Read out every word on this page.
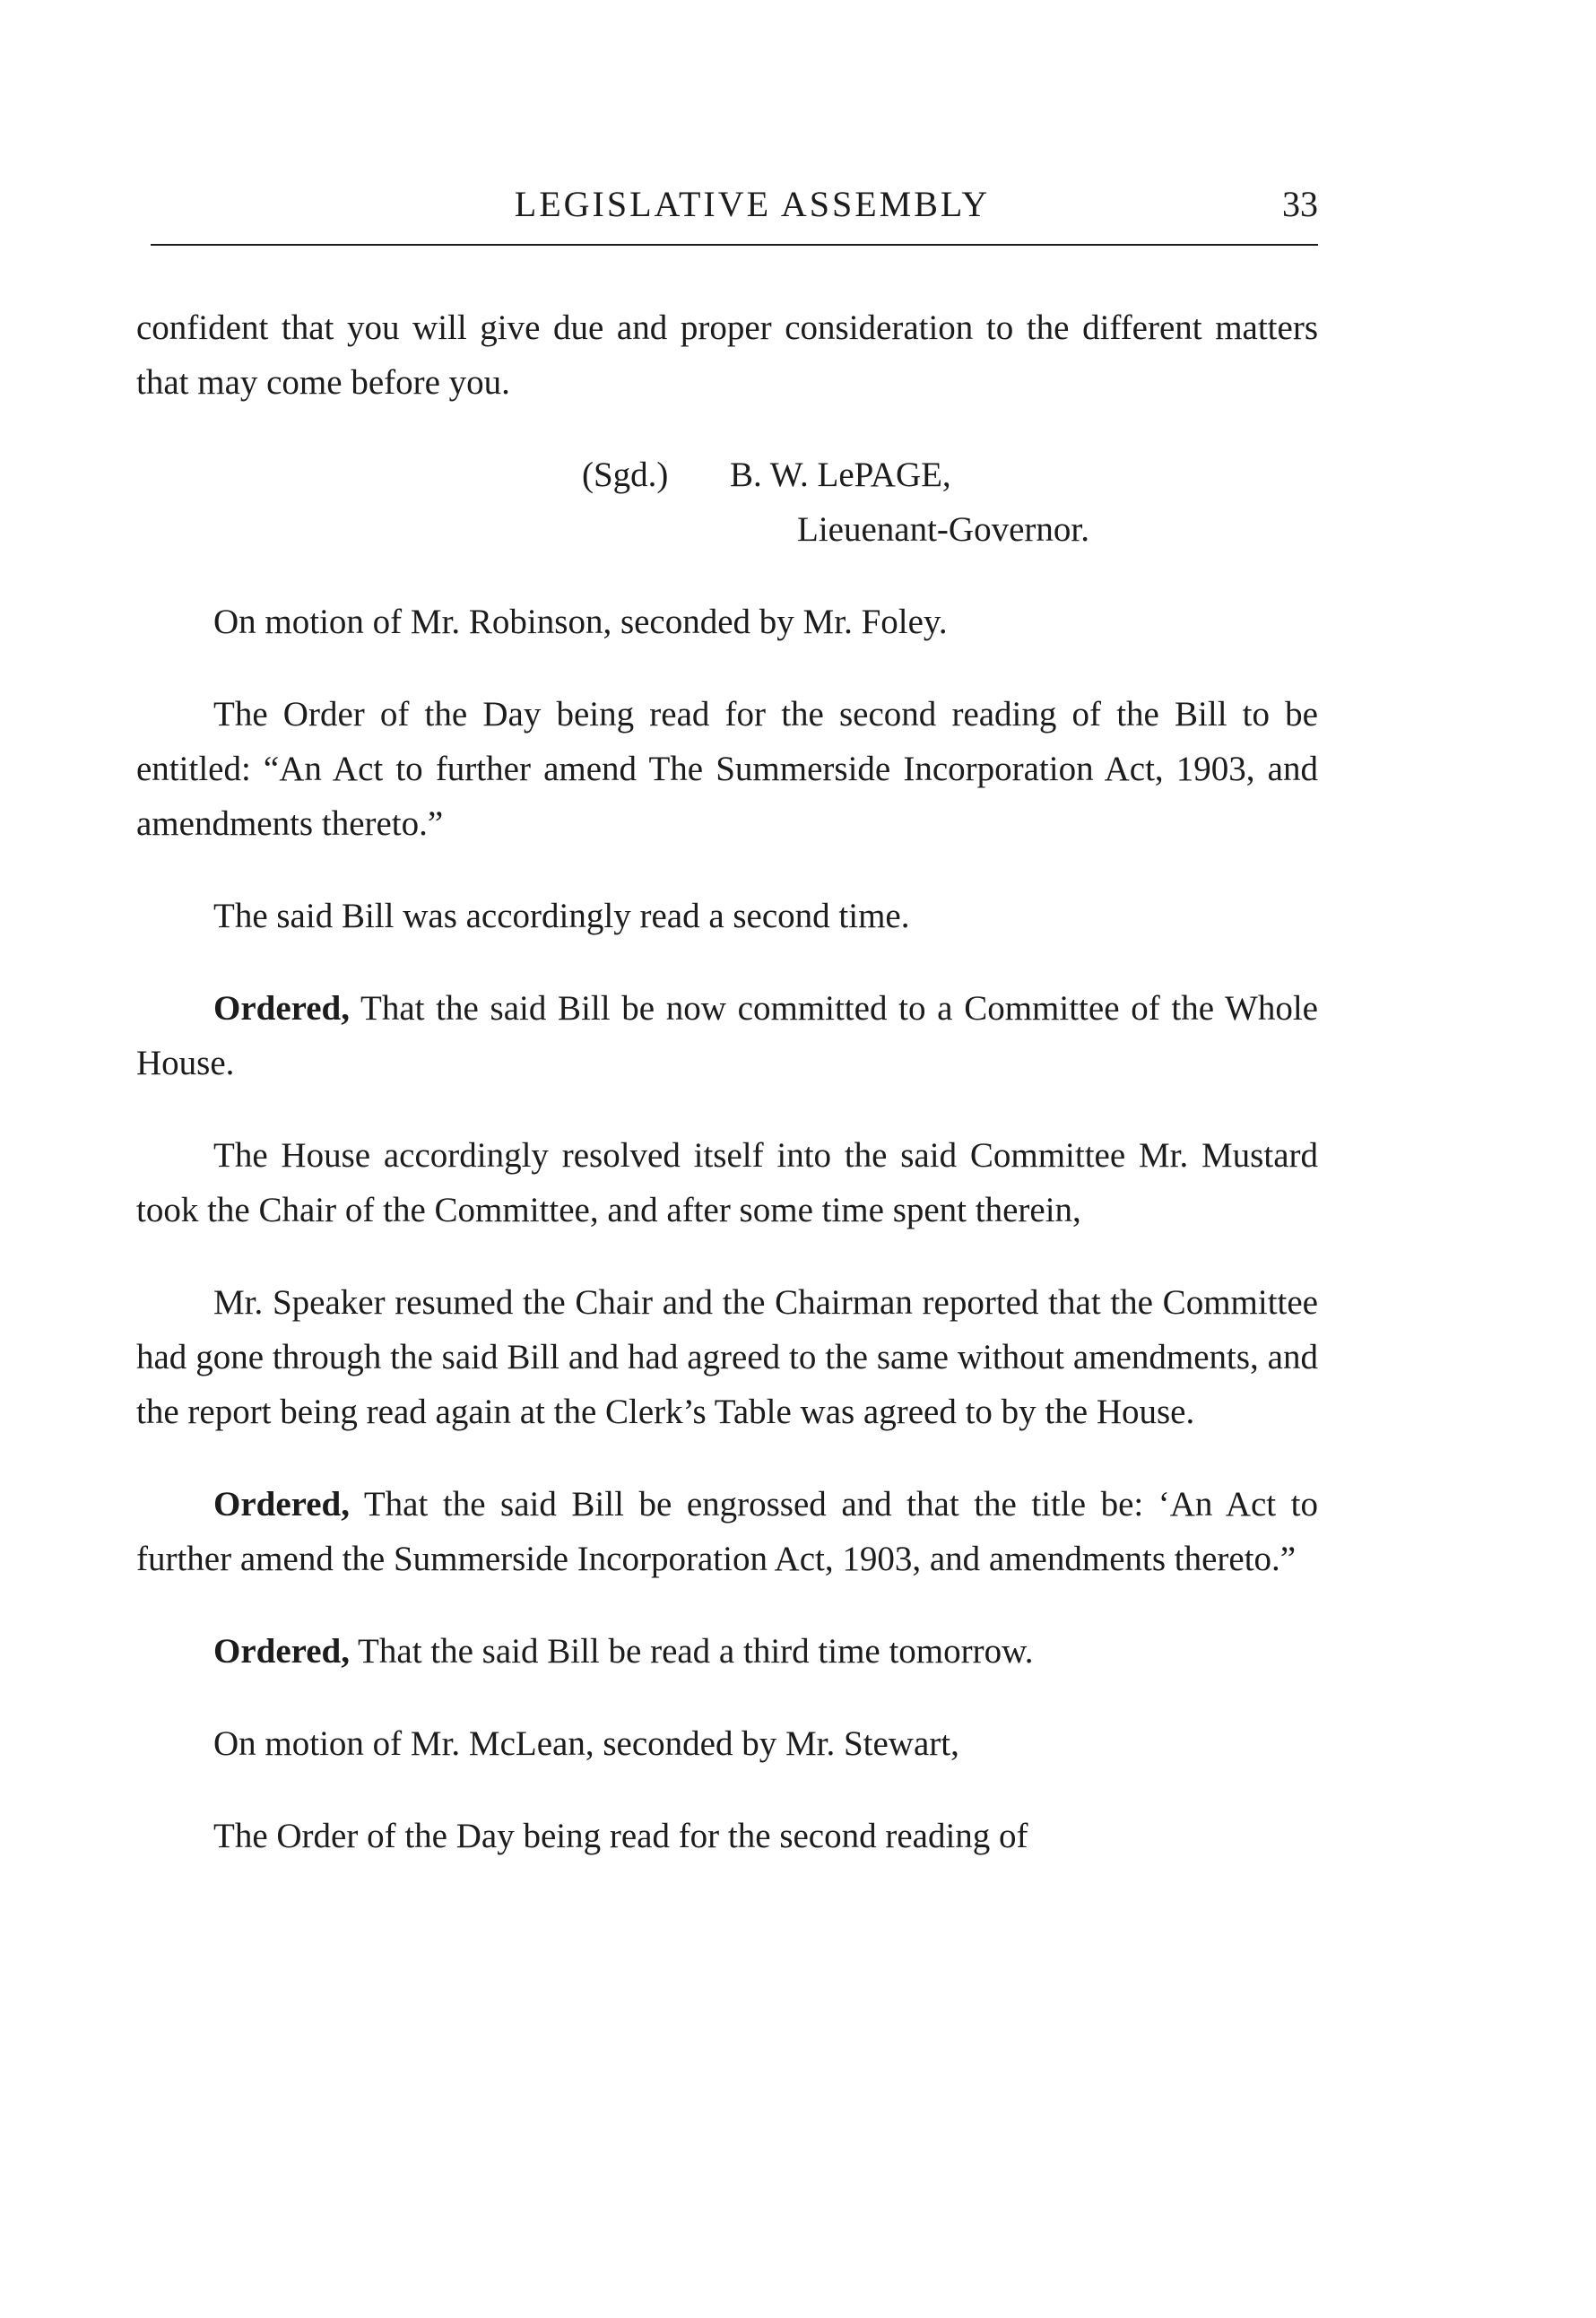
LEGISLATIVE ASSEMBLY	33

confident that you will give due and proper consideration to the different matters that may come before you.

(Sgd.) B. W. LePAGE,
Lieuenant-Governor.

On motion of Mr. Robinson, seconded by Mr. Foley.

The Order of the Day being read for the second reading of the Bill to be entitled: “An Act to further amend The Summerside Incorporation Act, 1903, and amendments thereto.”

The said Bill was accordingly read a second time.

Ordered, That the said Bill be now committed to a Committee of the Whole House.

The House accordingly resolved itself into the said Committee Mr. Mustard took the Chair of the Committee, and after some time spent therein,

Mr. Speaker resumed the Chair and the Chairman reported that the Committee had gone through the said Bill and had agreed to the same without amendments, and the report being read again at the Clerk’s Table was agreed to by the House.

Ordered, That the said Bill be engrossed and that the title be: ‘An Act to further amend the Summerside Incorporation Act, 1903, and amendments thereto.”

Ordered, That the said Bill be read a third time tomorrow.

On motion of Mr. McLean, seconded by Mr. Stewart,

The Order of the Day being read for the second reading of
